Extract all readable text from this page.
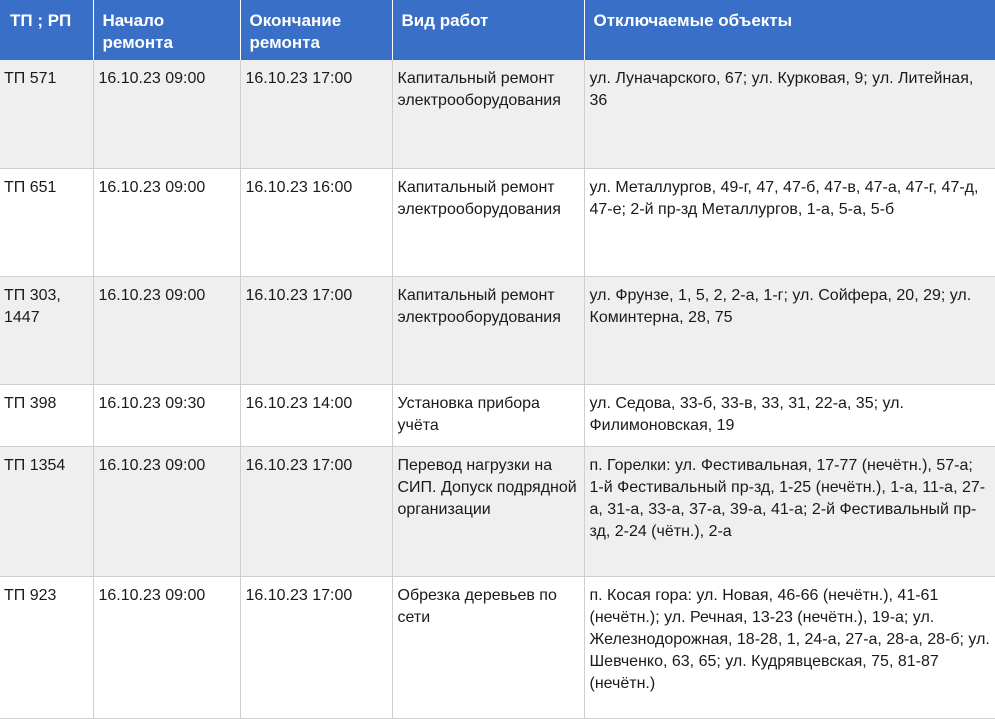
ТП ; РП	Начало ремонта	Окончание ремонта	Вид работ	Отключаемые объекты
ТП 571	16.10.23 09:00	16.10.23 17:00	Капитальный ремонт электрооборудования	ул. Луначарского, 67; ул. Курковая, 9; ул. Литейная, 36
ТП 651	16.10.23 09:00	16.10.23 16:00	Капитальный ремонт электрооборудования	ул. Металлургов, 49-г, 47, 47-б, 47-в, 47-а, 47-г, 47-д, 47-е; 2-й пр-зд Металлургов, 1-а, 5-а, 5-б
ТП 303, 1447	16.10.23 09:00	16.10.23 17:00	Капитальный ремонт электрооборудования	ул. Фрунзе, 1, 5, 2, 2-а, 1-г; ул. Сойфера, 20, 29; ул. Коминтерна, 28, 75
ТП 398	16.10.23 09:30	16.10.23 14:00	Установка прибора учёта	ул. Седова, 33-б, 33-в, 33, 31, 22-а, 35; ул. Филимоновская, 19
ТП 1354	16.10.23 09:00	16.10.23 17:00	Перевод нагрузки на СИП. Допуск подрядной организации	п. Горелки: ул. Фестивальная, 17-77 (нечётн.), 57-а; 1-й Фестивальный пр-зд, 1-25 (нечётн.), 1-а, 11-а, 27-а, 31-а, 33-а, 37-а, 39-а, 41-а; 2-й Фестивальный пр-зд, 2-24 (чётн.), 2-а
ТП 923	16.10.23 09:00	16.10.23 17:00	Обрезка деревьев по сети	п. Косая гора: ул. Новая, 46-66 (нечётн.), 41-61 (нечётн.); ул. Речная, 13-23 (нечётн.), 19-а; ул. Железнодорожная, 18-28, 1, 24-а, 27-а, 28-а, 28-б; ул. Шевченко, 63, 65; ул. Кудрявцевская, 75, 81-87 (нечётн.)
